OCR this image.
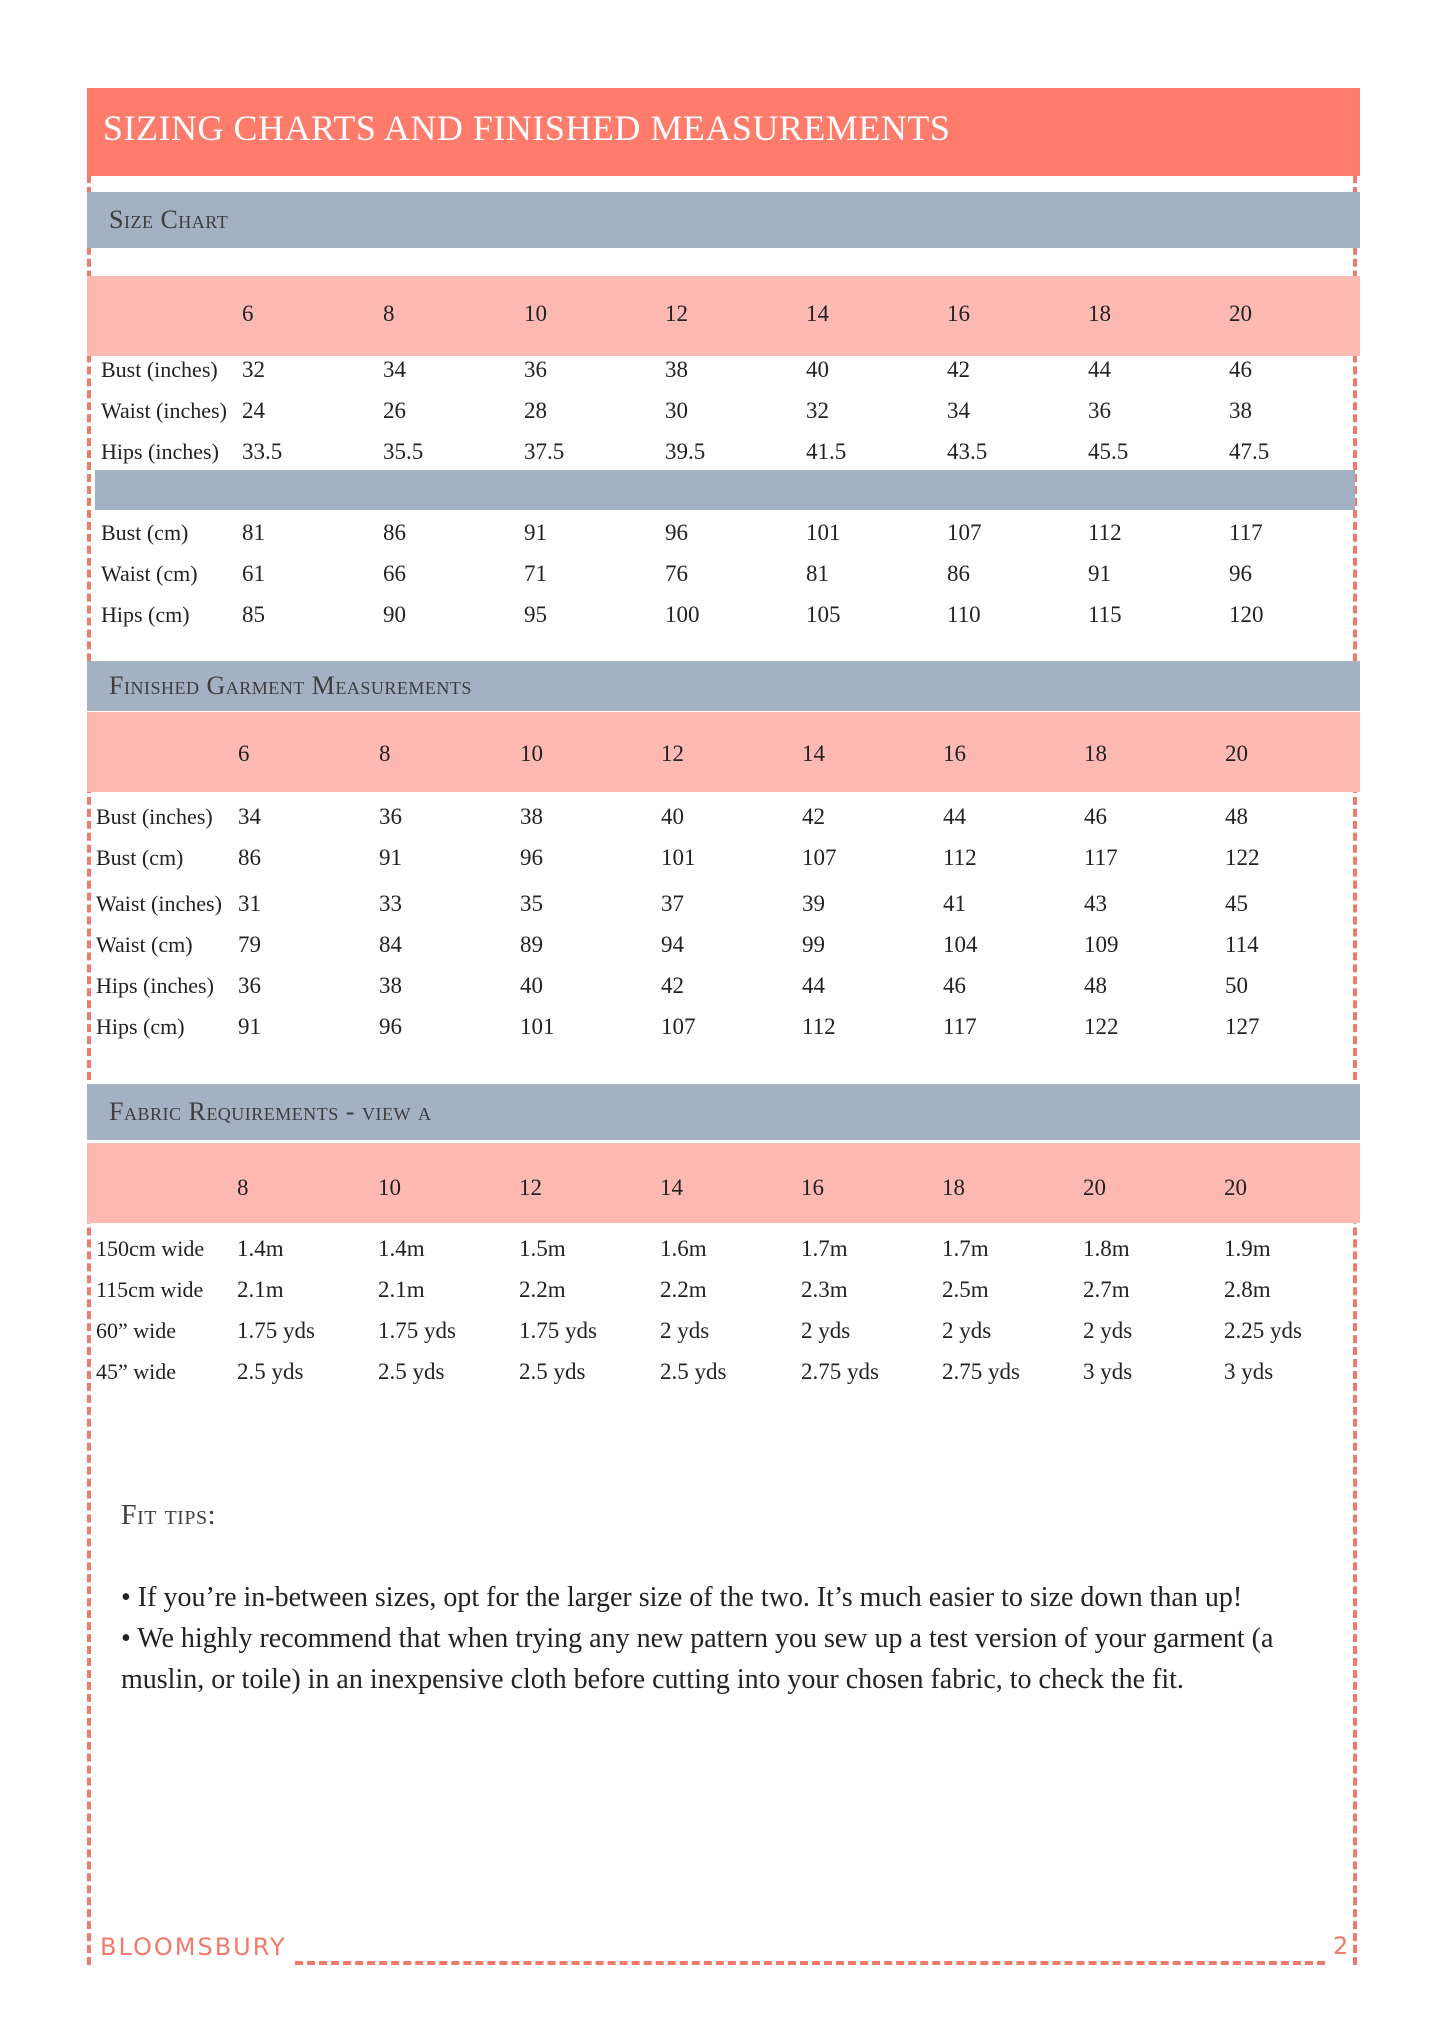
SIZING CHARTS AND FINISHED MEASUREMENTS
Size Chart
6	8	10	12	14	16	18	20
Bust (inches) 32	34	36	38	40	42	44	46
Waist (inches) 24	26	28	30	32	34	36	38
Hips (inches) 33.5	35.5	37.5	39.5	41.5	43.5	45.5	47.5
Bust (cm) 81	86	91	96	101	107	112	117
Waist (cm) 61	66	71	76	81	86	91	96
Hips (cm) 85	90	95	100	105	110	115	120
Finished Garment Measurements
6	8	10	12	14	16	18	20
Bust (inches) 34	36	38	40	42	44	46	48
Bust (cm) 86	91	96	101	107	112	117	122
Waist (inches) 31	33	35	37	39	41	43	45
Waist (cm) 79	84	89	94	99	104	109	114
Hips (inches) 36	38	40	42	44	46	48	50
Hips (cm) 91	96	101	107	112	117	122	127
Fabric Requirements - view a
8	10	12	14	16	18	20	20
150cm wide 1.4m	1.4m	1.5m	1.6m	1.7m	1.7m	1.8m	1.9m
115cm wide 2.1m	2.1m	2.2m	2.2m	2.3m	2.5m	2.7m	2.8m
60” wide	1.75 yds	1.75 yds	1.75 yds	2 yds	2 yds	2 yds	2 yds	2.25 yds
45” wide	2.5 yds	2.5 yds	2.5 yds	2.5 yds	2.75 yds	2.75 yds	3 yds	3 yds
Fit tips:
• If you’re in-between sizes, opt for the larger size of the two. It’s much easier to size down than up!
• We highly recommend that when trying any new pattern you sew up a test version of your garment (a muslin, or toile) in an inexpensive cloth before cutting into your chosen fabric, to check the fit.
BLOOMSBURY	2
